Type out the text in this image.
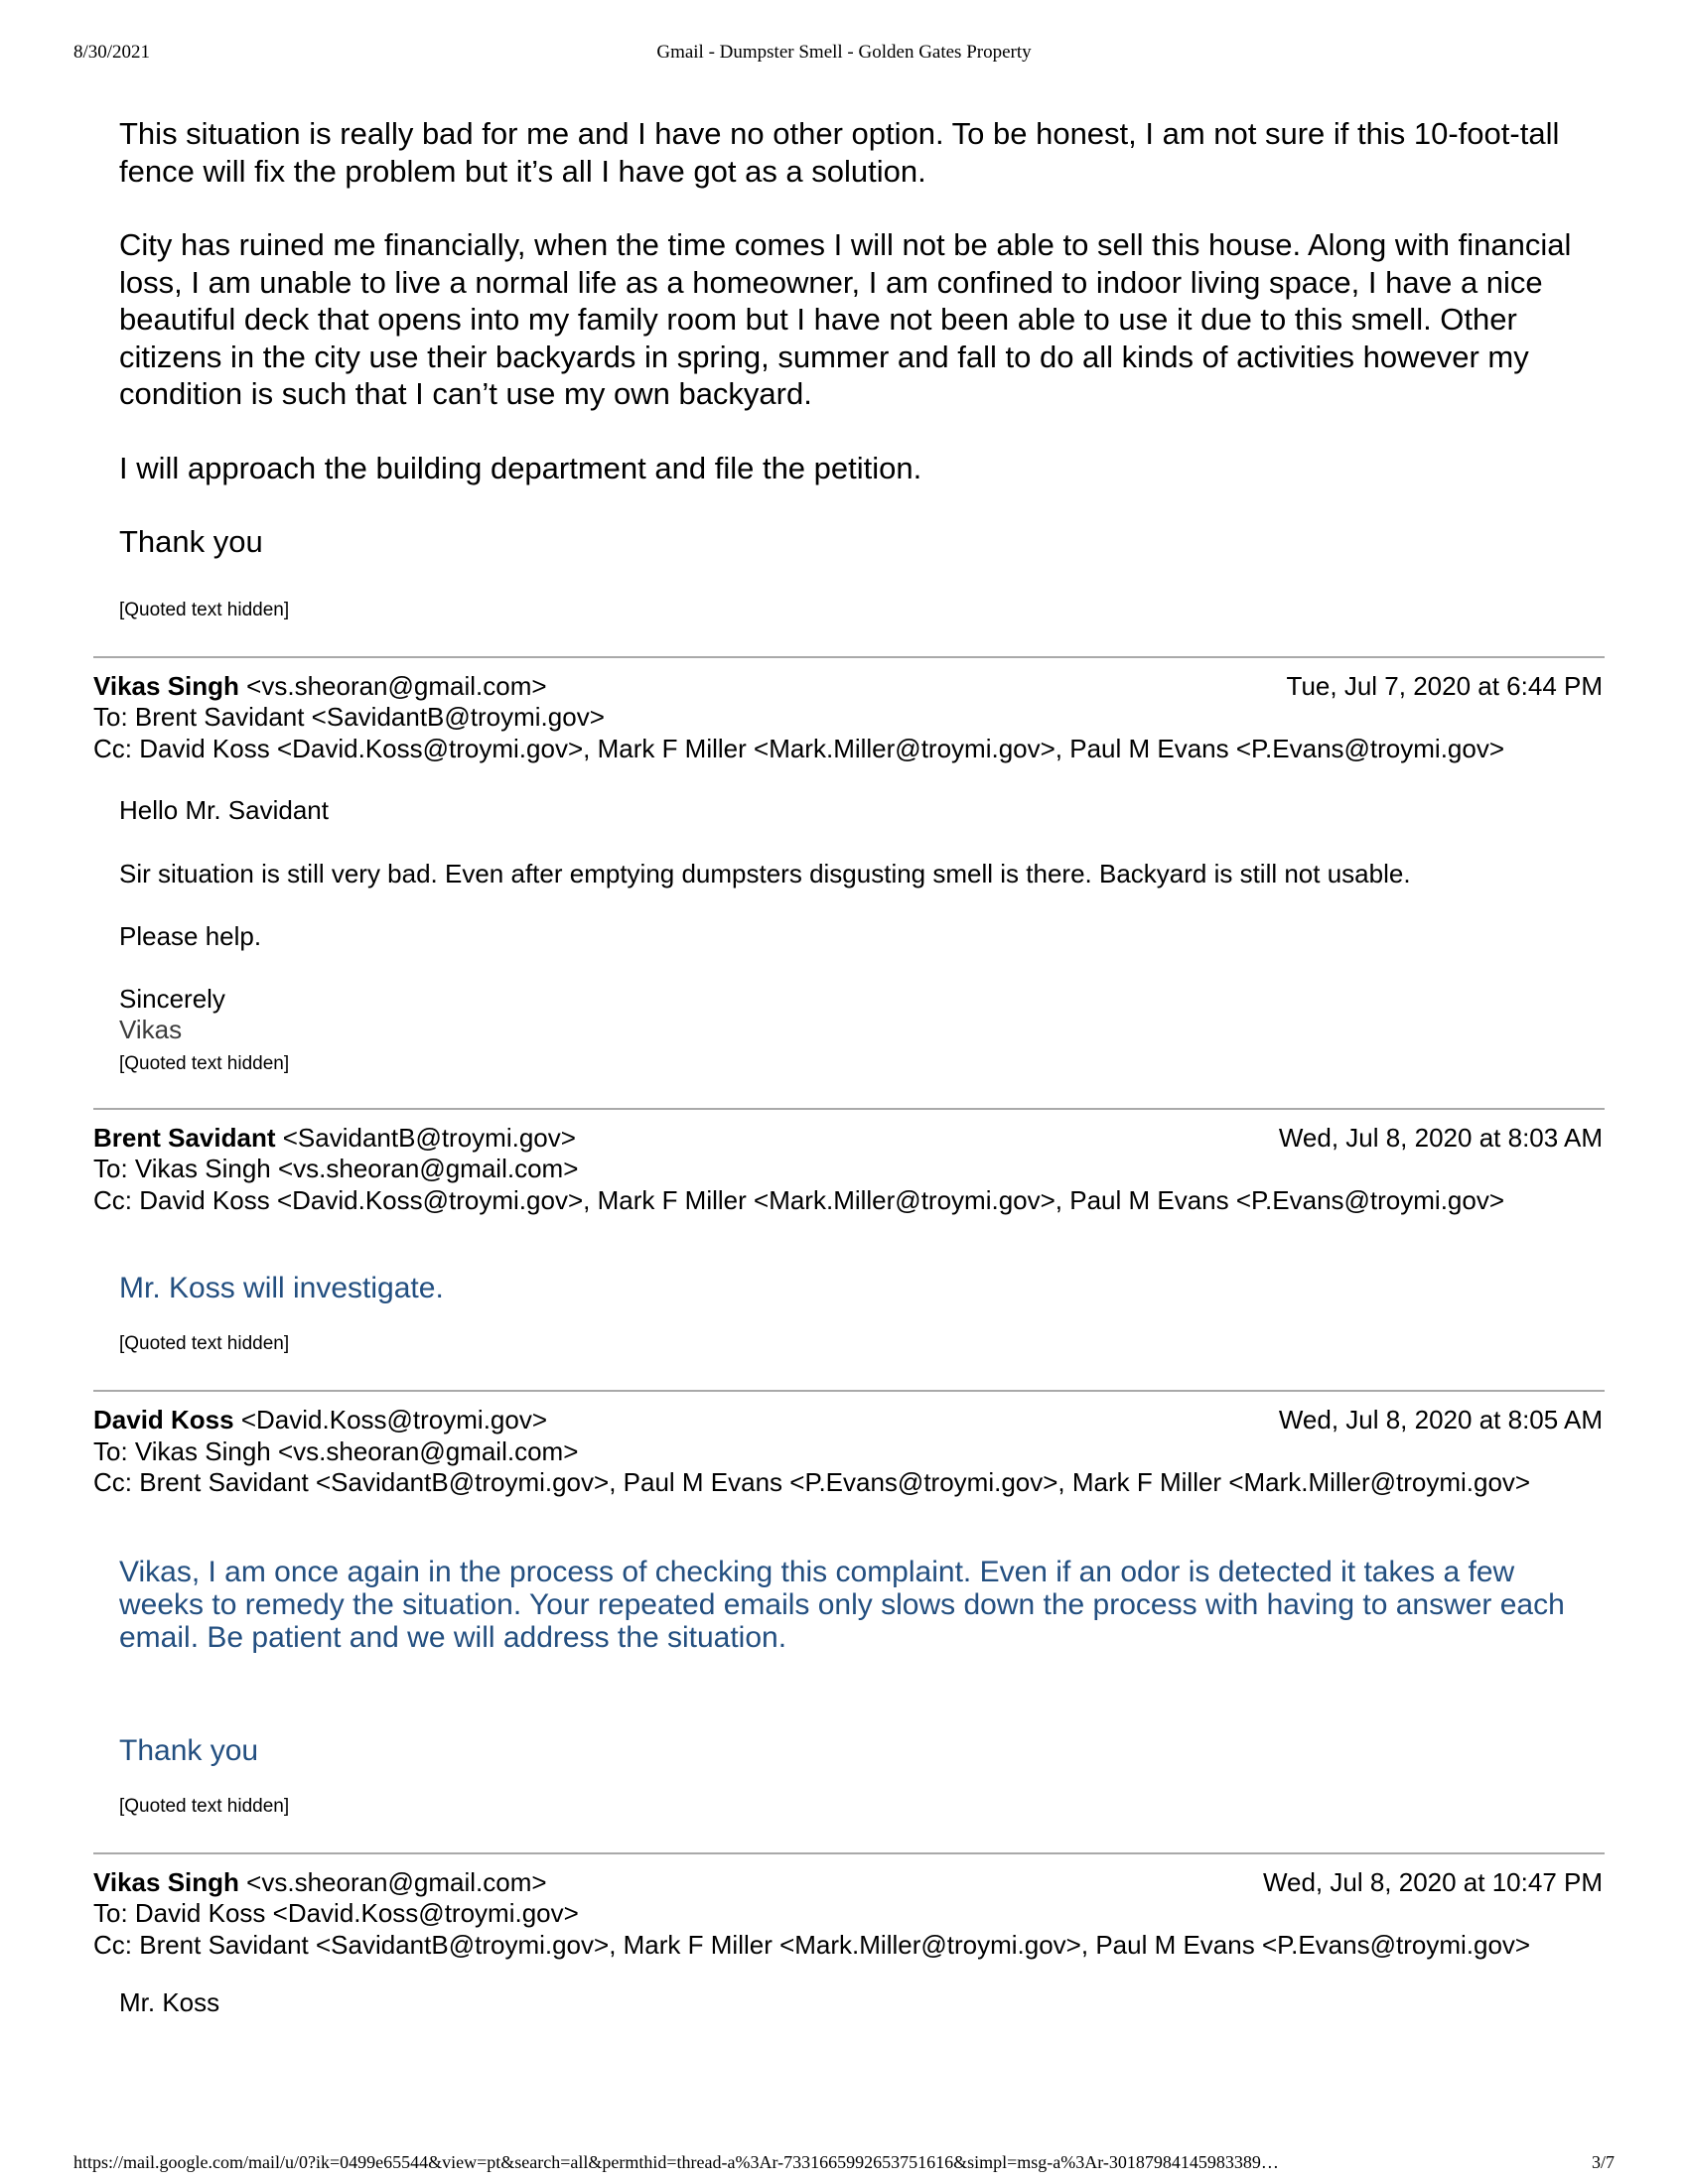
8/30/2021	Gmail - Dumpster Smell - Golden Gates Property

This situation is really bad for me and I have no other option. To be honest, I am not sure if this 10-foot-tall fence will fix the problem but it’s all I have got as a solution.

City has ruined me financially, when the time comes I will not be able to sell this house. Along with financial loss, I am unable to live a normal life as a homeowner, I am confined to indoor living space, I have a nice beautiful deck that opens into my family room but I have not been able to use it due to this smell. Other citizens in the city use their backyards in spring, summer and fall to do all kinds of activities however my condition is such that I can’t use my own backyard.

I will approach the building department and file the petition.

Thank you

[Quoted text hidden]

Vikas Singh <vs.sheoran@gmail.com>	Tue, Jul 7, 2020 at 6:44 PM
To: Brent Savidant <SavidantB@troymi.gov>
Cc: David Koss <David.Koss@troymi.gov>, Mark F Miller <Mark.Miller@troymi.gov>, Paul M Evans <P.Evans@troymi.gov>

Hello Mr. Savidant

Sir situation is still very bad. Even after emptying dumpsters disgusting smell is there. Backyard is still not usable.

Please help.

Sincerely

Vikas

[Quoted text hidden]

Brent Savidant <SavidantB@troymi.gov>	Wed, Jul 8, 2020 at 8:03 AM
To: Vikas Singh <vs.sheoran@gmail.com>
Cc: David Koss <David.Koss@troymi.gov>, Mark F Miller <Mark.Miller@troymi.gov>, Paul M Evans <P.Evans@troymi.gov>

Mr. Koss will investigate.

[Quoted text hidden]

David Koss <David.Koss@troymi.gov>	Wed, Jul 8, 2020 at 8:05 AM
To: Vikas Singh <vs.sheoran@gmail.com>
Cc: Brent Savidant <SavidantB@troymi.gov>, Paul M Evans <P.Evans@troymi.gov>, Mark F Miller <Mark.Miller@troymi.gov>

Vikas, I am once again in the process of checking this complaint. Even if an odor is detected it takes a few weeks to remedy the situation. Your repeated emails only slows down the process with having to answer each email. Be patient and we will address the situation.

Thank you

[Quoted text hidden]

Vikas Singh <vs.sheoran@gmail.com>	Wed, Jul 8, 2020 at 10:47 PM
To: David Koss <David.Koss@troymi.gov>
Cc: Brent Savidant <SavidantB@troymi.gov>, Mark F Miller <Mark.Miller@troymi.gov>, Paul M Evans <P.Evans@troymi.gov>

Mr. Koss

https://mail.google.com/mail/u/0?ik=0499e65544&view=pt&search=all&permthid=thread-a%3Ar-7331665992653751616&simpl=msg-a%3Ar-30187984145983389…	3/7
